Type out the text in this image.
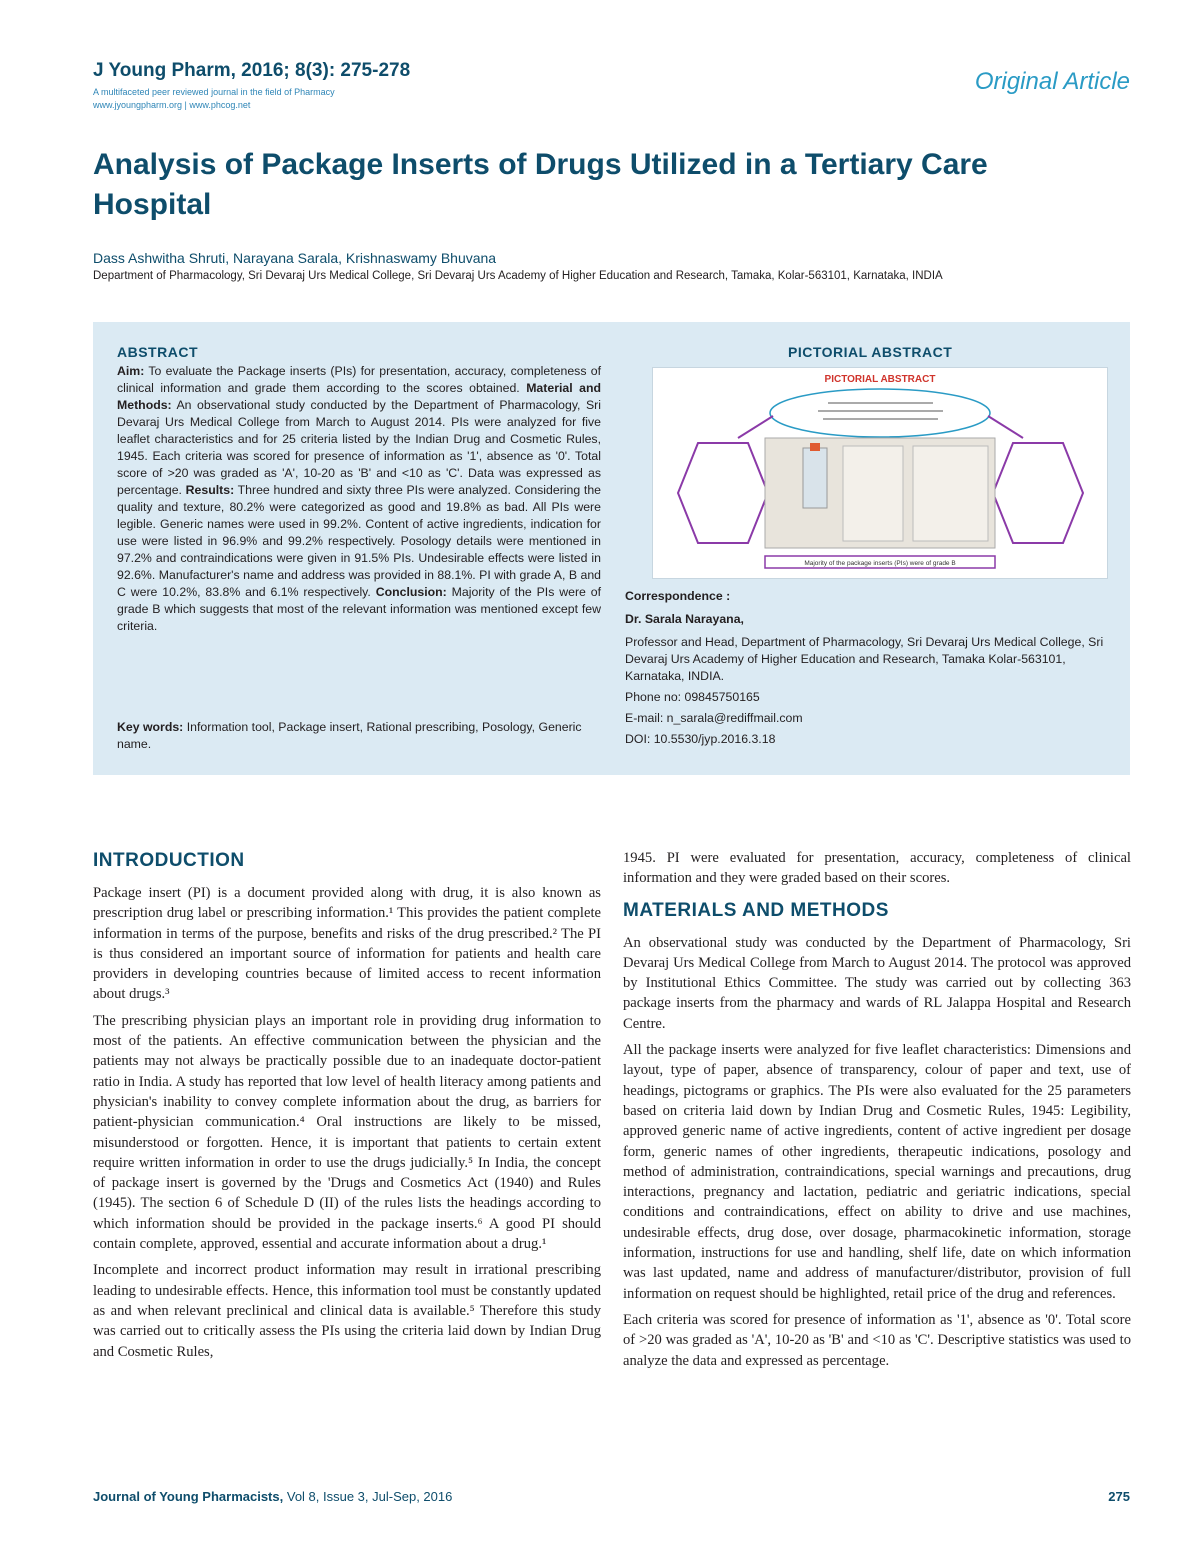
J Young Pharm, 2016; 8(3): 275-278
A multifaceted peer reviewed journal in the field of Pharmacy
www.jyoungpharm.org | www.phcog.net
Original Article
Analysis of Package Inserts of Drugs Utilized in a Tertiary Care Hospital
Dass Ashwitha Shruti, Narayana Sarala, Krishnaswamy Bhuvana
Department of Pharmacology, Sri Devaraj Urs Medical College, Sri Devaraj Urs Academy of Higher Education and Research, Tamaka, Kolar-563101, Karnataka, INDIA
ABSTRACT	PICTORIAL ABSTRACT
Aim: To evaluate the Package inserts (PIs) for presentation, accuracy, completeness of clinical information and grade them according to the scores obtained. Material and Methods: An observational study conducted by the Department of Pharmacology, Sri Devaraj Urs Medical College from March to August 2014. PIs were analyzed for five leaflet characteristics and for 25 criteria listed by the Indian Drug and Cosmetic Rules, 1945. Each criteria was scored for presence of information as '1', absence as '0'. Total score of >20 was graded as 'A', 10-20 as 'B' and <10 as 'C'. Data was expressed as percentage. Results: Three hundred and sixty three PIs were analyzed. Considering the quality and texture, 80.2% were categorized as good and 19.8% as bad. All PIs were legible. Generic names were used in 99.2%. Content of active ingredients, indication for use were listed in 96.9% and 99.2% respectively. Posology details were mentioned in 97.2% and contraindications were given in 91.5% PIs. Undesirable effects were listed in 92.6%. Manufacturer's name and address was provided in 88.1%. PI with grade A, B and C were 10.2%, 83.8% and 6.1% respectively. Conclusion: Majority of the PIs were of grade B which suggests that most of the relevant information was mentioned except few criteria.
Key words: Information tool, Package insert, Rational prescribing, Posology, Generic name.
PICTORIAL ABSTRACT
Majority of the package inserts (PIs) were of grade B

Correspondence :

Dr. Sarala Narayana,

Professor and Head, Department of Pharmacology, Sri Devaraj Urs Medical College, Sri Devaraj Urs Academy of Higher Education and Research, Tamaka Kolar-563101, Karnataka, INDIA.

Phone no: 09845750165

E-mail: n_sarala@rediffmail.com

DOI: 10.5530/jyp.2016.3.18

INTRODUCTION

Package insert (PI) is a document provided along with drug, it is also known as prescription drug label or prescribing information.¹ This provides the patient complete information in terms of the purpose, benefits and risks of the drug prescribed.² The PI is thus considered an important source of information for patients and health care providers in developing countries because of limited access to recent information about drugs.³

The prescribing physician plays an important role in providing drug information to most of the patients. An effective communication between the physician and the patients may not always be practically possible due to an inadequate doctor-patient ratio in India. A study has reported that low level of health literacy among patients and physician's inability to convey complete information about the drug, as barriers for patient-physician communication.⁴ Oral instructions are likely to be missed, misunderstood or forgotten. Hence, it is important that patients to certain extent require written information in order to use the drugs judicially.⁵ In India, the concept of package insert is governed by the 'Drugs and Cosmetics Act (1940) and Rules (1945). The section 6 of Schedule D (II) of the rules lists the headings according to which information should be provided in the package inserts.⁶ A good PI should contain complete, approved, essential and accurate information about a drug.¹

Incomplete and incorrect product information may result in irrational prescribing leading to undesirable effects. Hence, this information tool must be constantly updated as and when relevant preclinical and clinical data is available.⁵ Therefore this study was carried out to critically assess the PIs using the criteria laid down by Indian Drug and Cosmetic Rules,

1945. PI were evaluated for presentation, accuracy, completeness of clinical information and they were graded based on their scores.

MATERIALS AND METHODS

An observational study was conducted by the Department of Pharmacology, Sri Devaraj Urs Medical College from March to August 2014. The protocol was approved by Institutional Ethics Committee. The study was carried out by collecting 363 package inserts from the pharmacy and wards of RL Jalappa Hospital and Research Centre.

All the package inserts were analyzed for five leaflet characteristics: Dimensions and layout, type of paper, absence of transparency, colour of paper and text, use of headings, pictograms or graphics. The PIs were also evaluated for the 25 parameters based on criteria laid down by Indian Drug and Cosmetic Rules, 1945: Legibility, approved generic name of active ingredients, content of active ingredient per dosage form, generic names of other ingredients, therapeutic indications, posology and method of administration, contraindications, special warnings and precautions, drug interactions, pregnancy and lactation, pediatric and geriatric indications, special conditions and contraindications, effect on ability to drive and use machines, undesirable effects, drug dose, over dosage, pharmacokinetic information, storage information, instructions for use and handling, shelf life, date on which information was last updated, name and address of manufacturer/distributor, provision of full information on request should be highlighted, retail price of the drug and references.

Each criteria was scored for presence of information as '1', absence as '0'. Total score of >20 was graded as 'A', 10-20 as 'B' and <10 as 'C'. Descriptive statistics was used to analyze the data and expressed as percentage.

Journal of Young Pharmacists, Vol 8, Issue 3, Jul-Sep, 2016	275
